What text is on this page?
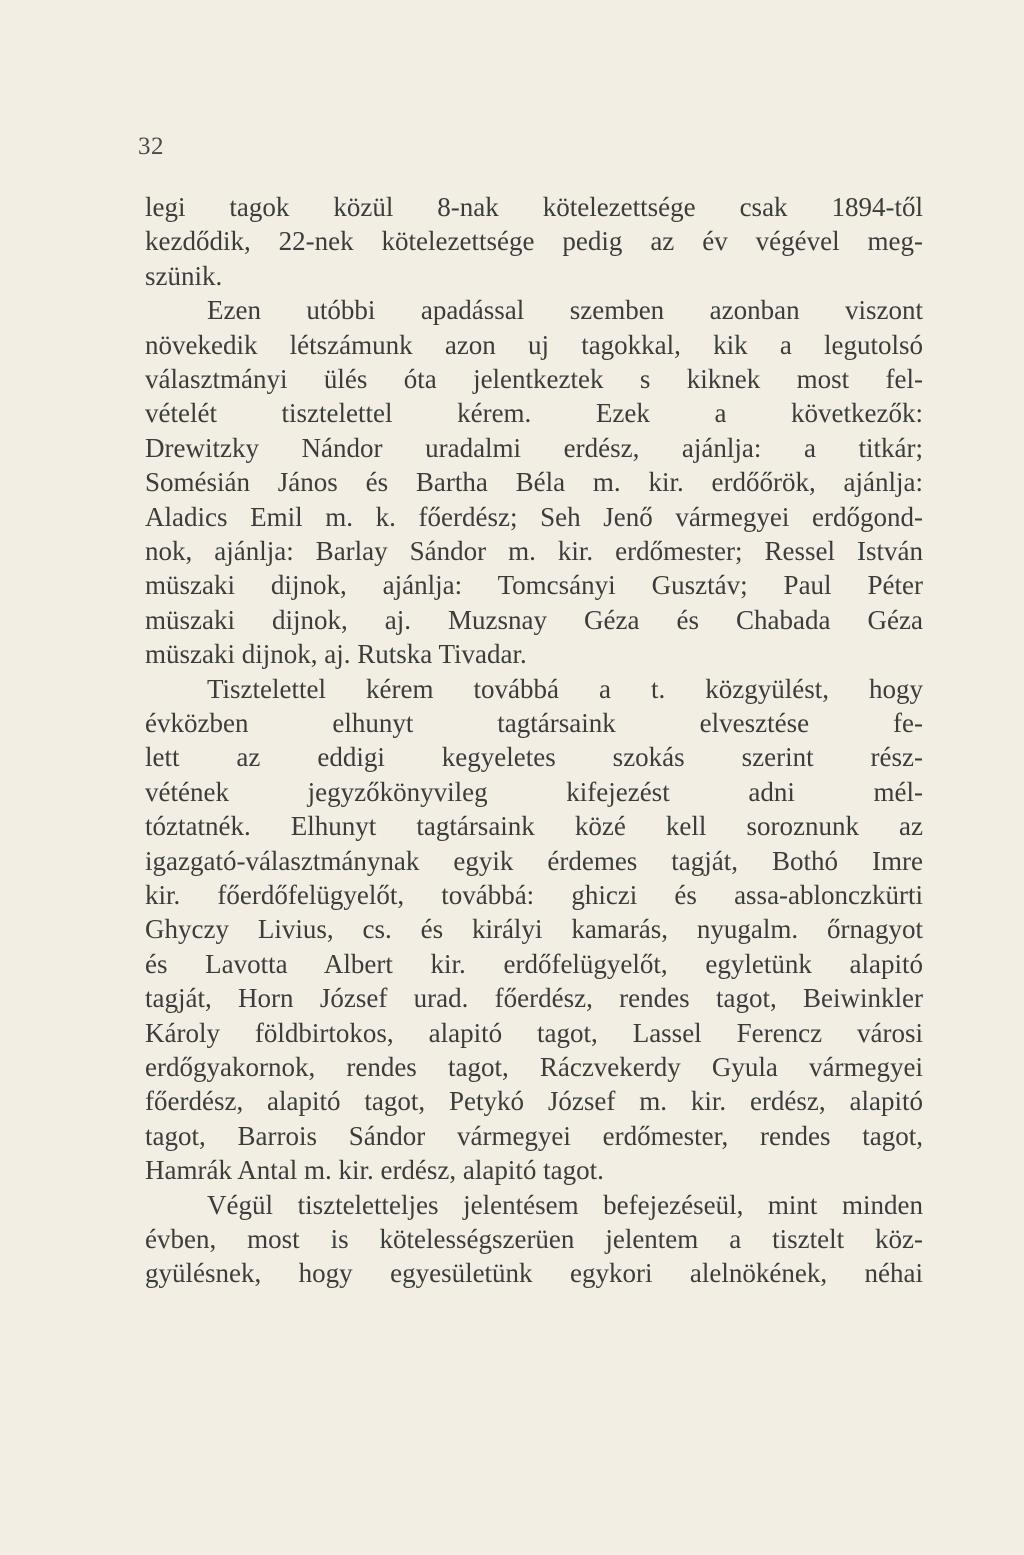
32
legi tagok közül 8-nak kötelezettsége csak 1894-től
kezdődik, 22-nek kötelezettsége pedig az év végével meg-
szünik.
Ezen utóbbi apadással szemben azonban viszont
növekedik létszámunk azon uj tagokkal, kik a legutolsó
választmányi ülés óta jelentkeztek s kiknek most fel-
vételét tisztelettel kérem. Ezek a következők:
Drewitzky Nándor uradalmi erdész, ajánlja: a titkár;
Somésián János és Bartha Béla m. kir. erdőőrök, ajánlja:
Aladics Emil m. k. főerdész; Seh Jenő vármegyei erdőgond-
nok, ajánlja: Barlay Sándor m. kir. erdőmester; Ressel István
müszaki dijnok, ajánlja: Tomcsányi Gusztáv; Paul Péter
müszaki dijnok, aj. Muzsnay Géza és Chabada Géza
müszaki dijnok, aj. Rutska Tivadar.
Tisztelettel kérem továbbá a t. közgyülést, hogy
évközben elhunyt tagtársaink elvesztése fe-
lett az eddigi kegyeletes szokás szerint rész-
vétének jegyzőkönyvileg kifejezést adni mél-
tóztatnék. Elhunyt tagtársaink közé kell soroznunk az
igazgató-választmánynak egyik érdemes tagját, Bothó Imre
kir. főerdőfelügyelőt, továbbá: ghiczi és assa-ablonczkürti
Ghyczy Livius, cs. és királyi kamarás, nyugalm. őrnagyot
és Lavotta Albert kir. erdőfelügyelőt, egyletünk alapitó
tagját, Horn József urad. főerdész, rendes tagot, Beiwinkler
Károly földbirtokos, alapitó tagot, Lassel Ferencz városi
erdőgyakornok, rendes tagot, Ráczvekerdy Gyula vármegyei
főerdész, alapitó tagot, Petykó József m. kir. erdész, alapitó
tagot, Barrois Sándor vármegyei erdőmester, rendes tagot,
Hamrák Antal m. kir. erdész, alapitó tagot.
Végül tiszteletteljes jelentésem befejezéseül, mint minden
évben, most is kötelességszerüen jelentem a tisztelt köz-
gyülésnek, hogy egyesületünk egykori alelnökének, néhai
